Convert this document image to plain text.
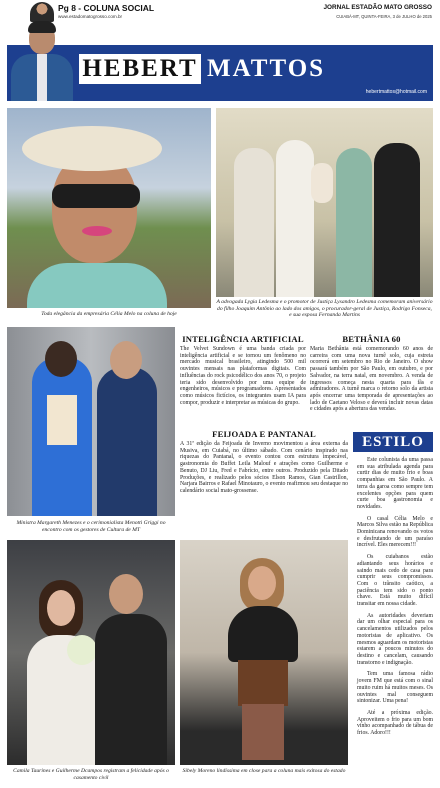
Pg 8 - COLUNA SOCIAL
www.estadomatogrosso.com.br
JORNAL ESTADÃO MATO GROSSO
CUIABÁ-MT, QUINTA-FEIRA, 3 de JULHO de 2025
HEBERT MATTOS
hebertmattos@hotmail.com
Toda elegância da empresária Célia Melo na coluna de hoje
A advogada Lygia Ledesma e o promotor de Justiça Lysandro Ledesma comemoram aniversário do filho Joaquim Antônio ao lado dos amigos, o procurador-geral de Justiça, Rodrigo Fonseca, e sua esposa Fernanda Martins
Ministra Margareth Menezes e o cerimonialista Menotti Griggi no encontro com os gestores de Cultura de MT
INTELIGÊNCIA ARTIFICIAL
The Velvet Sundown é uma banda criada por inteligência artificial e se tornou um fenômeno no mercado musical brasileiro, atingindo 500 mil ouvintes mensais nas plataformas digitais. Com influências do rock psicodélico dos anos 70, o projeto teria sido desenvolvido por uma equipe de engenheiros, músicos e programadores. Apresentados como músicos fictícios, os integrantes usam IA para compor, produzir e interpretar as músicas do grupo.
BETHÂNIA 60
Maria Bethânia está comemorando 60 anos de carreira com uma nova turnê solo, cuja estreia ocorrerá em setembro no Rio de Janeiro. O show passará também por São Paulo, em outubro, e por Salvador, na terra natal, em novembro. A venda de ingressos começa nesta quarta para fãs e admiradores. A turnê marca o retorno solo da artista após encerrar uma temporada de apresentações ao lado de Caetano Veloso e deverá incluir novas datas e cidades após a abertura das vendas.
FEIJOADA E PANTANAL
A 31ª edição da Feijoada de Inverno movimentou a área externa da Musiva, em Cuiabá, no último sábado. Com cenário inspirado nas riquezas do Pantanal, o evento contou com estrutura impecável, gastronomia do Buffet Leila Malouf e atrações como Guilherme e Benuto, DJ Liu, Fred e Fabrício, entre outros. Produzido pela Ditado Produções, e realizado pelos sócios Elson Ramos, Gian Castrillon, Narjara Bairros e Rafael Minotauro, o evento reafirmou seu destaque no calendário social mato-grossense.
Camila Taurines e Guilherme Dcampos registram a felicidade após o casamento civil
Sibely Moreno lindíssima em close para a coluna mais exitosa do estado
ESTILO

Este colunista da uma passa em sua atribulada agenda para curtir dias de muito frio e boas companhias em São Paulo. A terra da garoa como sempre tem excelentes opções para quem curte boa gastronomia e novidades.

O casal Célia Melo e Marcos Silva estão na República Dominicana renovando os votos e desfrutando de um paraíso incrível. Eles merecem!!!

Os cuiabanos estão adiantando seus horários e saindo mais cedo de casa para cumprir seus compromissos. Com o trânsito caótico, a paciência tem sido o ponto chave. Está muito difícil transitar em nossa cidade.

As autoridades deveriam dar um olhar especial para os cancelamentos utilizados pelos motoristas de aplicativo. Os mesmos aguardam os motoristas estarem a poucos minutos do destino e cancelam, causando transtorno e indignação.

Tem uma famosa rádio jovem FM que está com o sinal muito ruim há muitos meses. Os ouvintes mal conseguem sintonizar. Uma pena!

Até a próxima edição. Aproveitem o frio para um bom vinho acompanhado de tábua de frios. Adoro!!!
